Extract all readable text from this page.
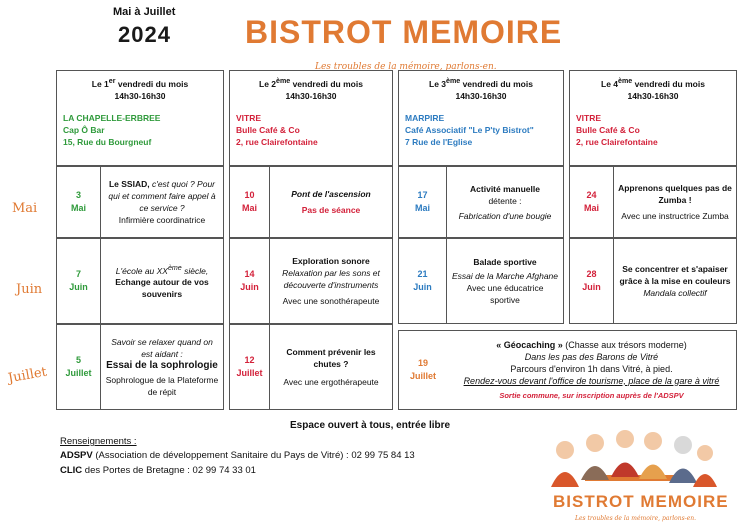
Mai à Juillet
2024 BISTROT MEMOIRE
Les troubles de la mémoire, parlons-en.
Le 1er vendredi du mois
14h30-16h30
LA CHAPELLE-ERBREE
Cap Ô Bar
15, Rue du Bourgneuf
Le 2ème vendredi du mois
14h30-16h30
VITRE
Bulle Café & Co
2, rue Clairefontaine
Le 3ème vendredi du mois
14h30-16h30
MARPIRE
Café Associatif "Le P'ty Bistrot"
7 Rue de l'Eglise
Le 4ème vendredi du mois
14h30-16h30
VITRE
Bulle Café & Co
2, rue Clairefontaine
Mai
Juin
Juillet
3
Mai
Le SSIAD, c'est quoi ? Pour qui et comment faire appel à ce service ?
Infirmière coordinatrice
10
Mai
Pont de l'ascension
Pas de séance
17
Mai
Activité manuelle
détente :
Fabrication d'une bougie
24
Mai
Apprenons quelques pas de Zumba !
Avec une instructrice Zumba
7
Juin
L'école au XXème siècle,
Echange autour de vos souvenirs
14
Juin
Exploration sonore
Relaxation par les sons et découverte d'instruments
Avec une sonothérapeute
21
Juin
Balade sportive
Essai de la Marche Afghane
Avec une éducatrice sportive
28
Juin
Se concentrer et s'apaiser grâce à la mise en couleurs
Mandala collectif
5
Juillet
Savoir se relaxer quand on est aidant :
Essai de la sophrologie
Sophrologue de la Plateforme de répit
12
Juillet
Comment prévenir les chutes ?
Avec une ergothérapeute
19
Juillet
« Géocaching » (Chasse aux trésors moderne)
Dans les pas des Barons de Vitré
Parcours d'environ 1h dans Vitré, à pied.
Rendez-vous devant l'office de tourisme, place de la gare à vitré
Sortie commune, sur inscription auprès de l'ADSPV
Espace ouvert à tous, entrée libre
Renseignements :
ADSPV (Association de développement Sanitaire du Pays de Vitré) : 02 99 75 84 13
CLIC des Portes de Bretagne : 02 99 74 33 01
BISTROT MEMOIRE
Les troubles de la mémoire, parlons-en.
